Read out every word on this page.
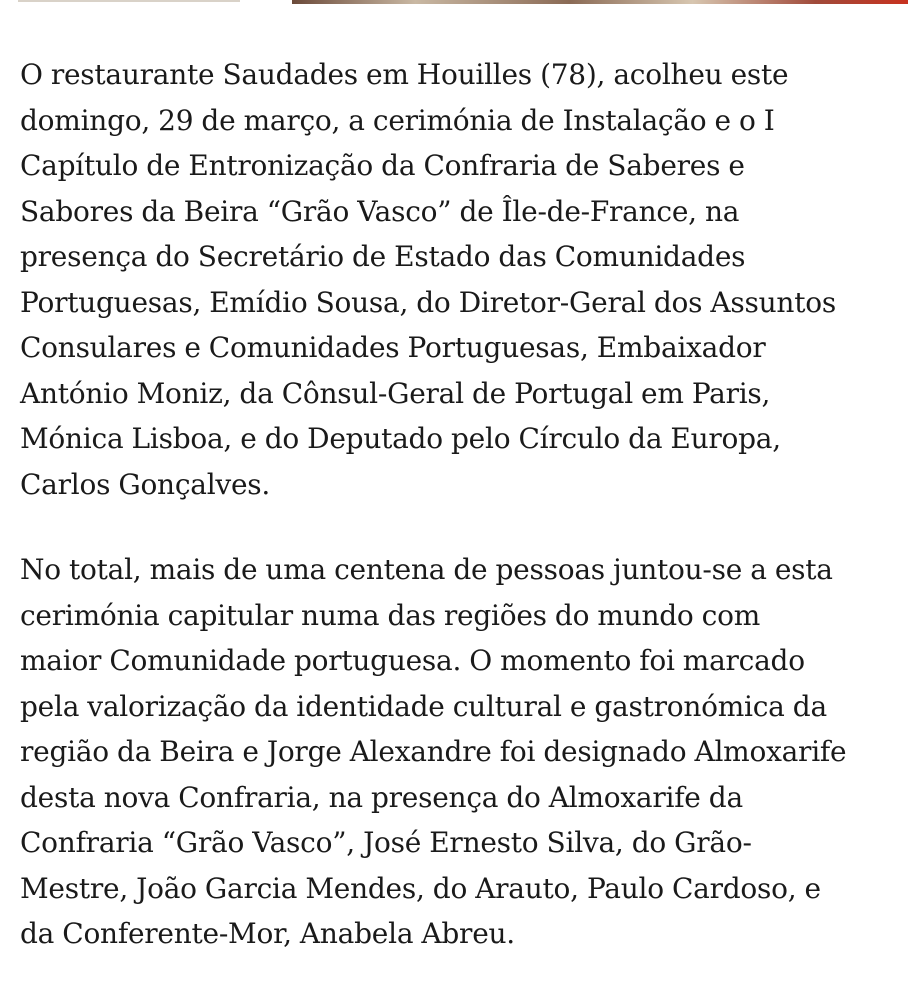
O restaurante Saudades em Houilles (78), acolheu este
domingo, 29 de março, a cerimónia de Instalação e o I
Capítulo de Entronização da Confraria de Saberes e
Sabores da Beira “Grão Vasco” de Île-de-France, na
presença do Secretário de Estado das Comunidades
Portuguesas, Emídio Sousa, do Diretor-Geral dos Assuntos
Consulares e Comunidades Portuguesas, Embaixador
António Moniz, da Cônsul-Geral de Portugal em Paris,
Mónica Lisboa, e do Deputado pelo Círculo da Europa,
Carlos Gonçalves.

No total, mais de uma centena de pessoas juntou-se a esta
cerimónia capitular numa das regiões do mundo com
maior Comunidade portuguesa. O momento foi marcado
pela valorização da identidade cultural e gastronómica da
região da Beira e Jorge Alexandre foi designado Almoxarife
desta nova Confraria, na presença do Almoxarife da
Confraria “Grão Vasco”, José Ernesto Silva, do Grão-
Mestre, João Garcia Mendes, do Arauto, Paulo Cardoso, e
da Conferente-Mor, Anabela Abreu.
